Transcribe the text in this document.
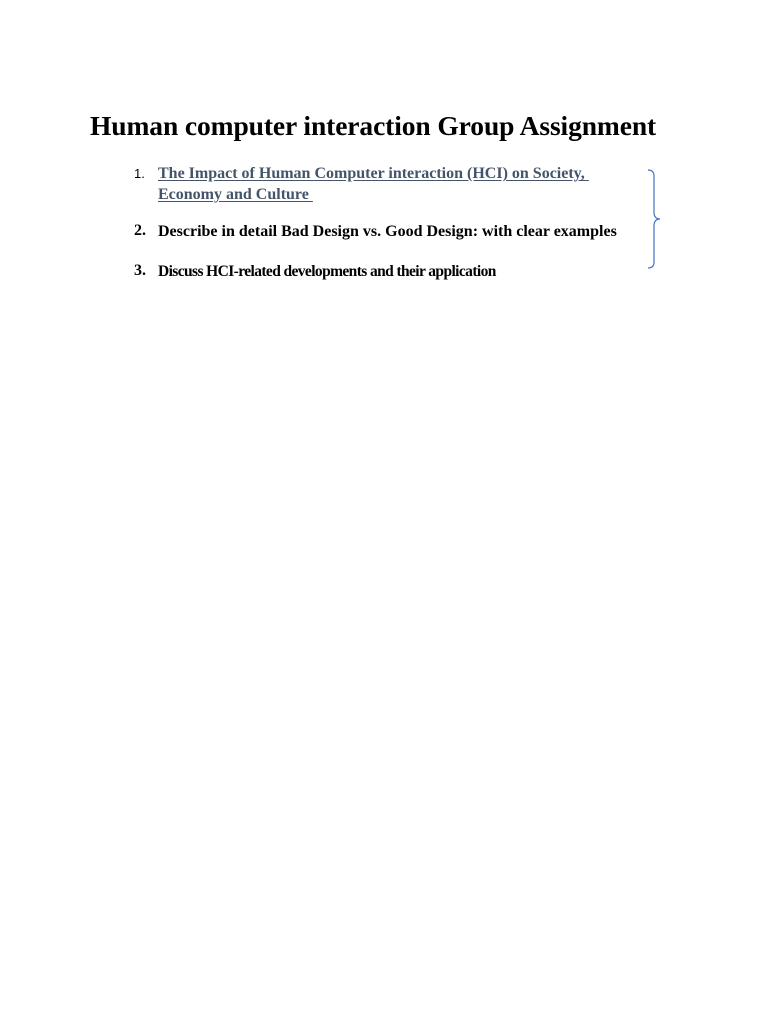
Human computer interaction Group Assignment
1. The Impact of Human Computer interaction (HCI) on Society,
Economy and Culture
2. Describe in detail Bad Design vs. Good Design: with clear examples
3. Discuss HCI-related developments and their application
